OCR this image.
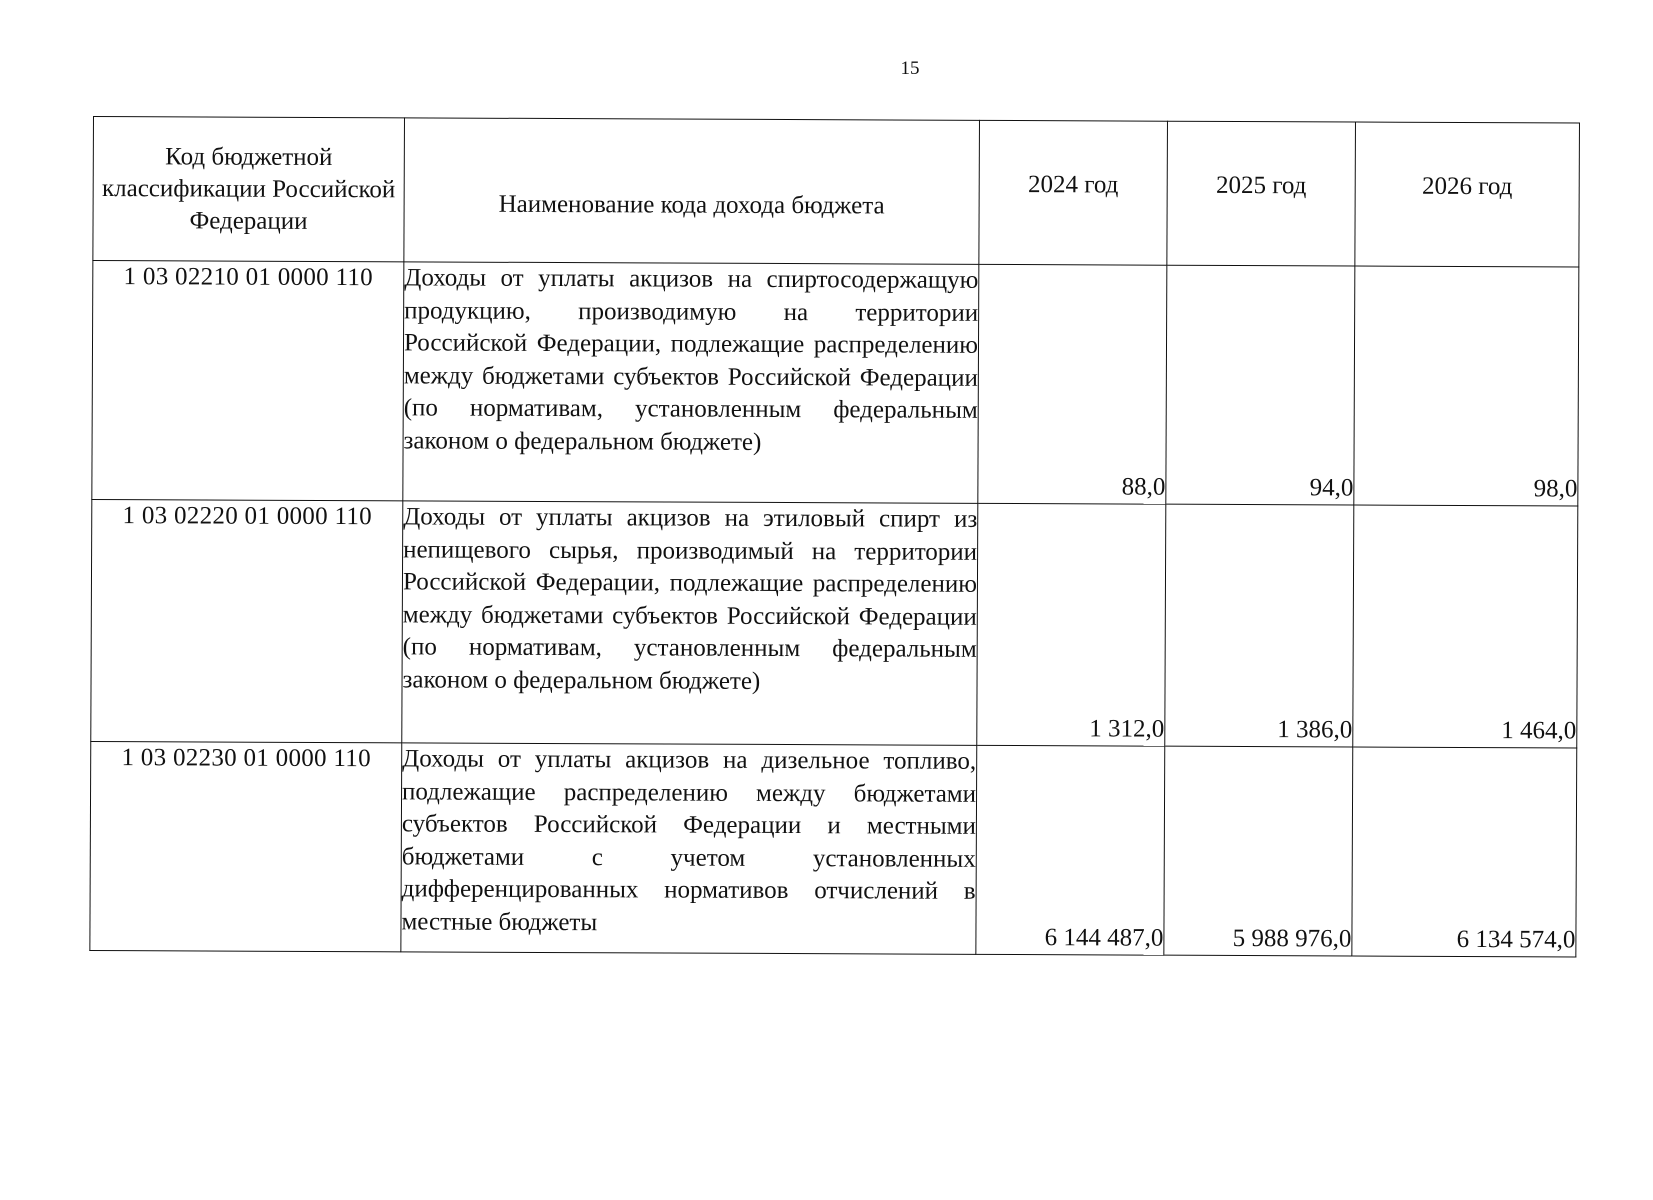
15
Код бюджетной классификации Российской Федерации	Наименование кода дохода бюджета	2024 год	2025 год	2026 год
1 03 02210 01 0000 110	Доходы от уплаты акцизов на спиртосодержащую продукцию, производимую на территории Российской Федерации, подлежащие распределению между бюджетами субъектов Российской Федерации (по нормативам, установленным федеральным законом о федеральном бюджете)	88,0	94,0	98,0
1 03 02220 01 0000 110	Доходы от уплаты акцизов на этиловый спирт из непищевого сырья, производимый на территории Российской Федерации, подлежащие распределению между бюджетами субъектов Российской Федерации (по нормативам, установленным федеральным законом о федеральном бюджете)	1 312,0	1 386,0	1 464,0
1 03 02230 01 0000 110	Доходы от уплаты акцизов на дизельное топливо, подлежащие распределению между бюджетами субъектов Российской Федерации и местными бюджетами с учетом установленных дифференцированных нормативов отчислений в местные бюджеты	6 144 487,0	5 988 976,0	6 134 574,0
